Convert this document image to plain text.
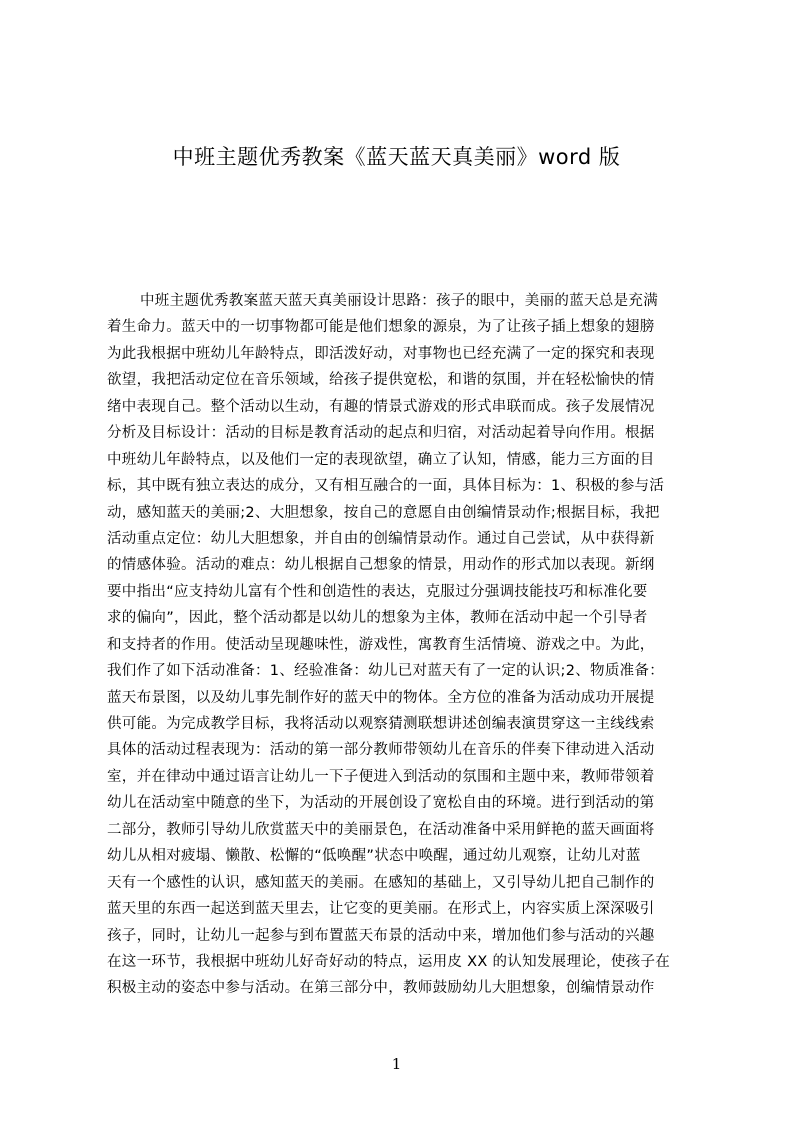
中班主题优秀教案《蓝天蓝天真美丽》word 版
中班主题优秀教案蓝天蓝天真美丽设计思路：孩子的眼中，美丽的蓝天总是充满
着生命力。蓝天中的一切事物都可能是他们想象的源泉，为了让孩子插上想象的翅膀
为此我根据中班幼儿年龄特点，即活泼好动，对事物也已经充满了一定的探究和表现
欲望，我把活动定位在音乐领域，给孩子提供宽松，和谐的氛围，并在轻松愉快的情
绪中表现自己。整个活动以生动，有趣的情景式游戏的形式串联而成。孩子发展情况
分析及目标设计：活动的目标是教育活动的起点和归宿，对活动起着导向作用。根据
中班幼儿年龄特点，以及他们一定的表现欲望，确立了认知，情感，能力三方面的目
标，其中既有独立表达的成分，又有相互融合的一面，具体目标为：1、积极的参与活
动，感知蓝天的美丽;2、大胆想象，按自己的意愿自由创编情景动作;根据目标，我把
活动重点定位：幼儿大胆想象，并自由的创编情景动作。通过自己尝试，从中获得新
的情感体验。活动的难点：幼儿根据自己想象的情景，用动作的形式加以表现。新纲
要中指出“应支持幼儿富有个性和创造性的表达，克服过分强调技能技巧和标准化要
求的偏向”，因此，整个活动都是以幼儿的想象为主体，教师在活动中起一个引导者
和支持者的作用。使活动呈现趣味性，游戏性，寓教育生活情境、游戏之中。为此，
我们作了如下活动准备：1、经验准备：幼儿已对蓝天有了一定的认识;2、物质准备：
蓝天布景图，以及幼儿事先制作好的蓝天中的物体。全方位的准备为活动成功开展提
供可能。为完成教学目标，我将活动以观察猜测联想讲述创编表演贯穿这一主线线索
具体的活动过程表现为：活动的第一部分教师带领幼儿在音乐的伴奏下律动进入活动
室，并在律动中通过语言让幼儿一下子便进入到活动的氛围和主题中来，教师带领着
幼儿在活动室中随意的坐下，为活动的开展创设了宽松自由的环境。进行到活动的第
二部分，教师引导幼儿欣赏蓝天中的美丽景色，在活动准备中采用鲜艳的蓝天画面将
幼儿从相对疲塌、懒散、松懈的“低唤醒”状态中唤醒，通过幼儿观察，让幼儿对蓝
天有一个感性的认识，感知蓝天的美丽。在感知的基础上，又引导幼儿把自己制作的
蓝天里的东西一起送到蓝天里去，让它变的更美丽。在形式上，内容实质上深深吸引
孩子，同时，让幼儿一起参与到布置蓝天布景的活动中来，增加他们参与活动的兴趣
在这一环节，我根据中班幼儿好奇好动的特点，运用皮 XX 的认知发展理论，使孩子在
积极主动的姿态中参与活动。在第三部分中，教师鼓励幼儿大胆想象，创编情景动作
1
